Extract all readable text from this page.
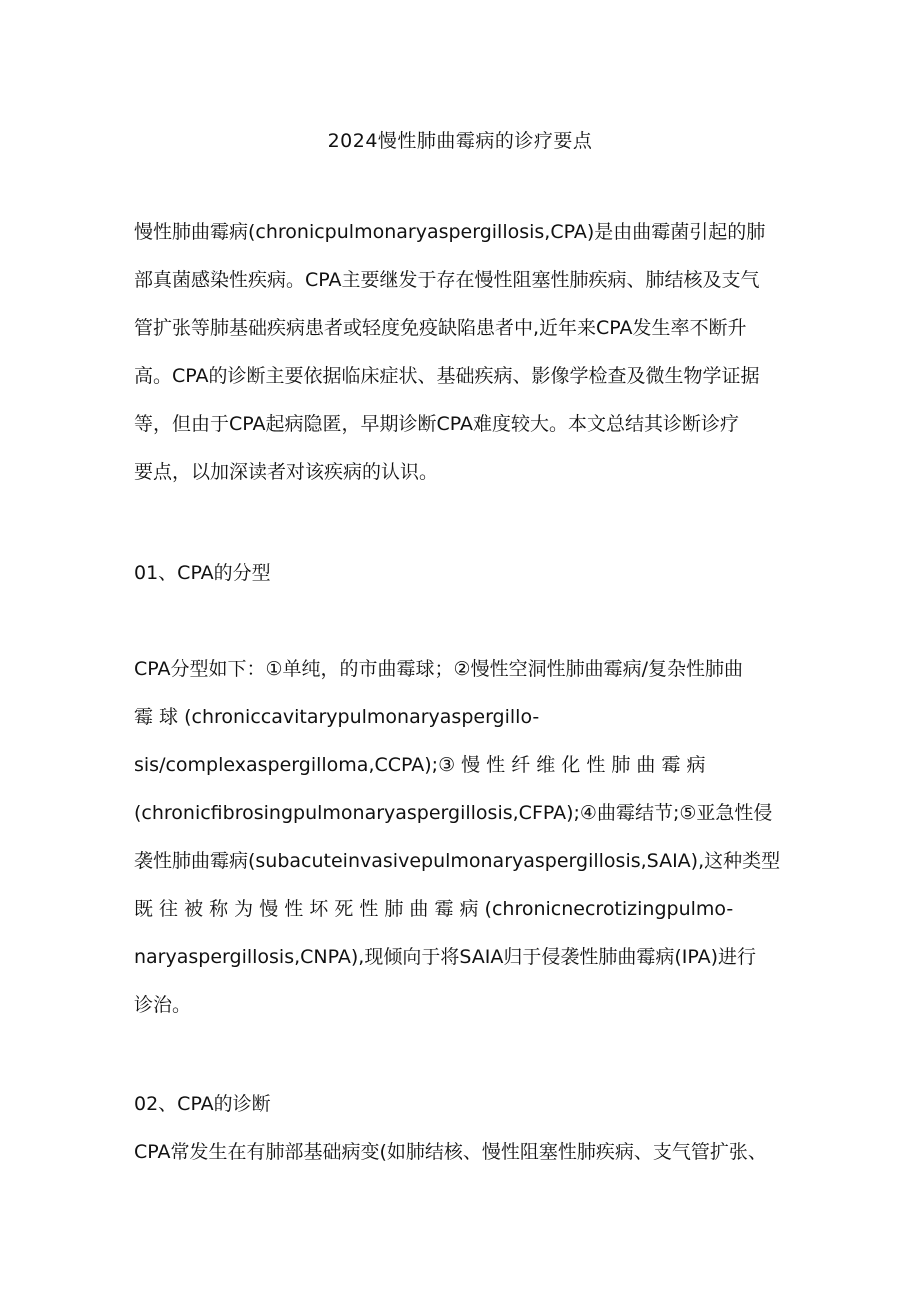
2024慢性肺曲霉病的诊疗要点
慢性肺曲霉病(chronicpulmonaryaspergillosis,CPA)是由曲霉菌引起的肺
部真菌感染性疾病。CPA主要继发于存在慢性阻塞性肺疾病、肺结核及支气
管扩张等肺基础疾病患者或轻度免疫缺陷患者中,近年来CPA发生率不断升
高。CPA的诊断主要依据临床症状、基础疾病、影像学检查及微生物学证据
等，但由于CPA起病隐匿，早期诊断CPA难度较大。本文总结其诊断诊疗
要点，以加深读者对该疾病的认识。
01、CPA的分型
CPA分型如下：①单纯，的市曲霉球；②慢性空洞性肺曲霉病/复杂性肺曲
霉 球 (chroniccavitarypulmonaryaspergillo-
sis/complexaspergilloma,CCPA);③ 慢 性 纤 维 化 性 肺 曲 霉 病
(chronicfibrosingpulmonaryaspergillosis,CFPA);④曲霉结节;⑤亚急性侵
袭性肺曲霉病(subacuteinvasivepulmonaryaspergillosis,SAIA),这种类型
既 往 被 称 为 慢 性 坏 死 性 肺 曲 霉 病 (chronicnecrotizingpulmo-
naryaspergillosis,CNPA),现倾向于将SAIA归于侵袭性肺曲霉病(IPA)进行
诊治。
02、CPA的诊断
CPA常发生在有肺部基础病变(如肺结核、慢性阻塞性肺疾病、支气管扩张、
